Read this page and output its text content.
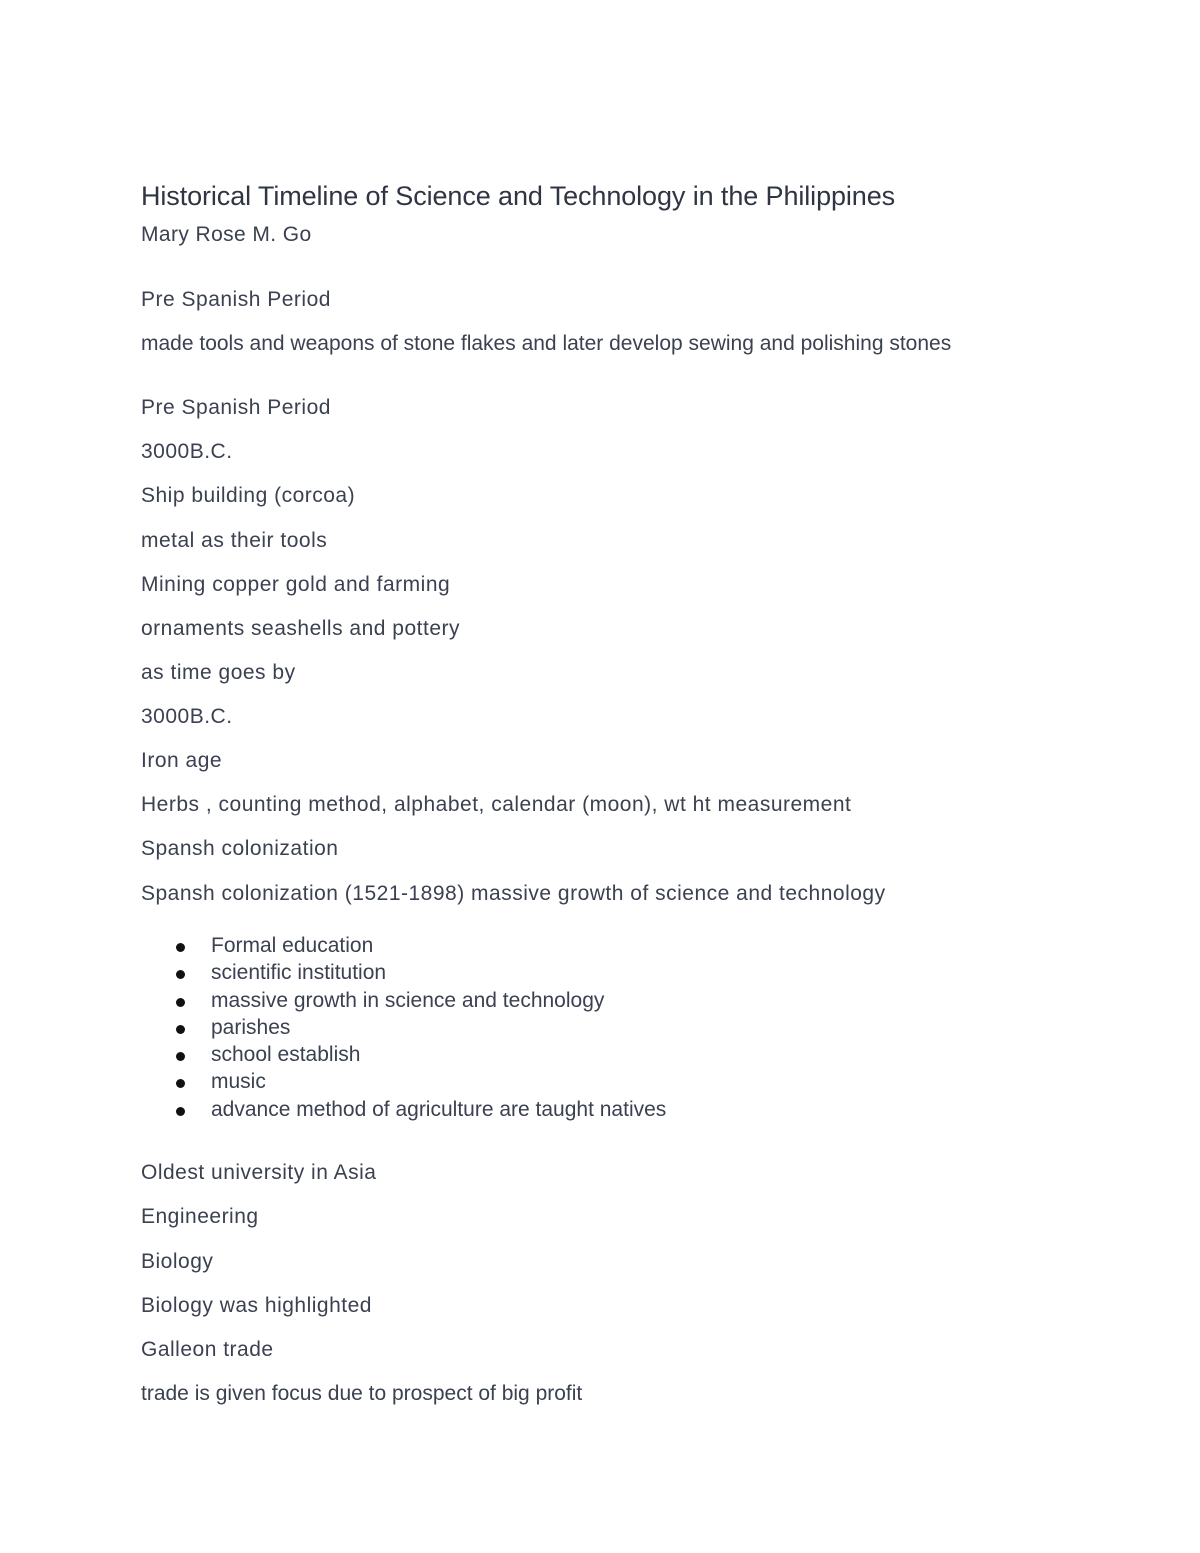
Historical Timeline of Science and Technology in the Philippines
Mary Rose M. Go
Pre Spanish Period
made tools and weapons of stone flakes and later develop sewing and polishing stones
Pre Spanish Period
3000B.C.
Ship building (corcoa)
metal as their tools
Mining copper gold and farming
ornaments seashells and pottery
as time goes by
3000B.C.
Iron age
Herbs , counting method, alphabet, calendar (moon), wt ht measurement
Spansh colonization
Spansh colonization (1521-1898) massive growth of science and technology
Formal education
scientific institution
massive growth in science and technology
parishes
school establish
music
advance method of agriculture are taught natives
Oldest university in Asia
Engineering
Biology
Biology was highlighted
Galleon trade
trade is given focus due to prospect of big profit
